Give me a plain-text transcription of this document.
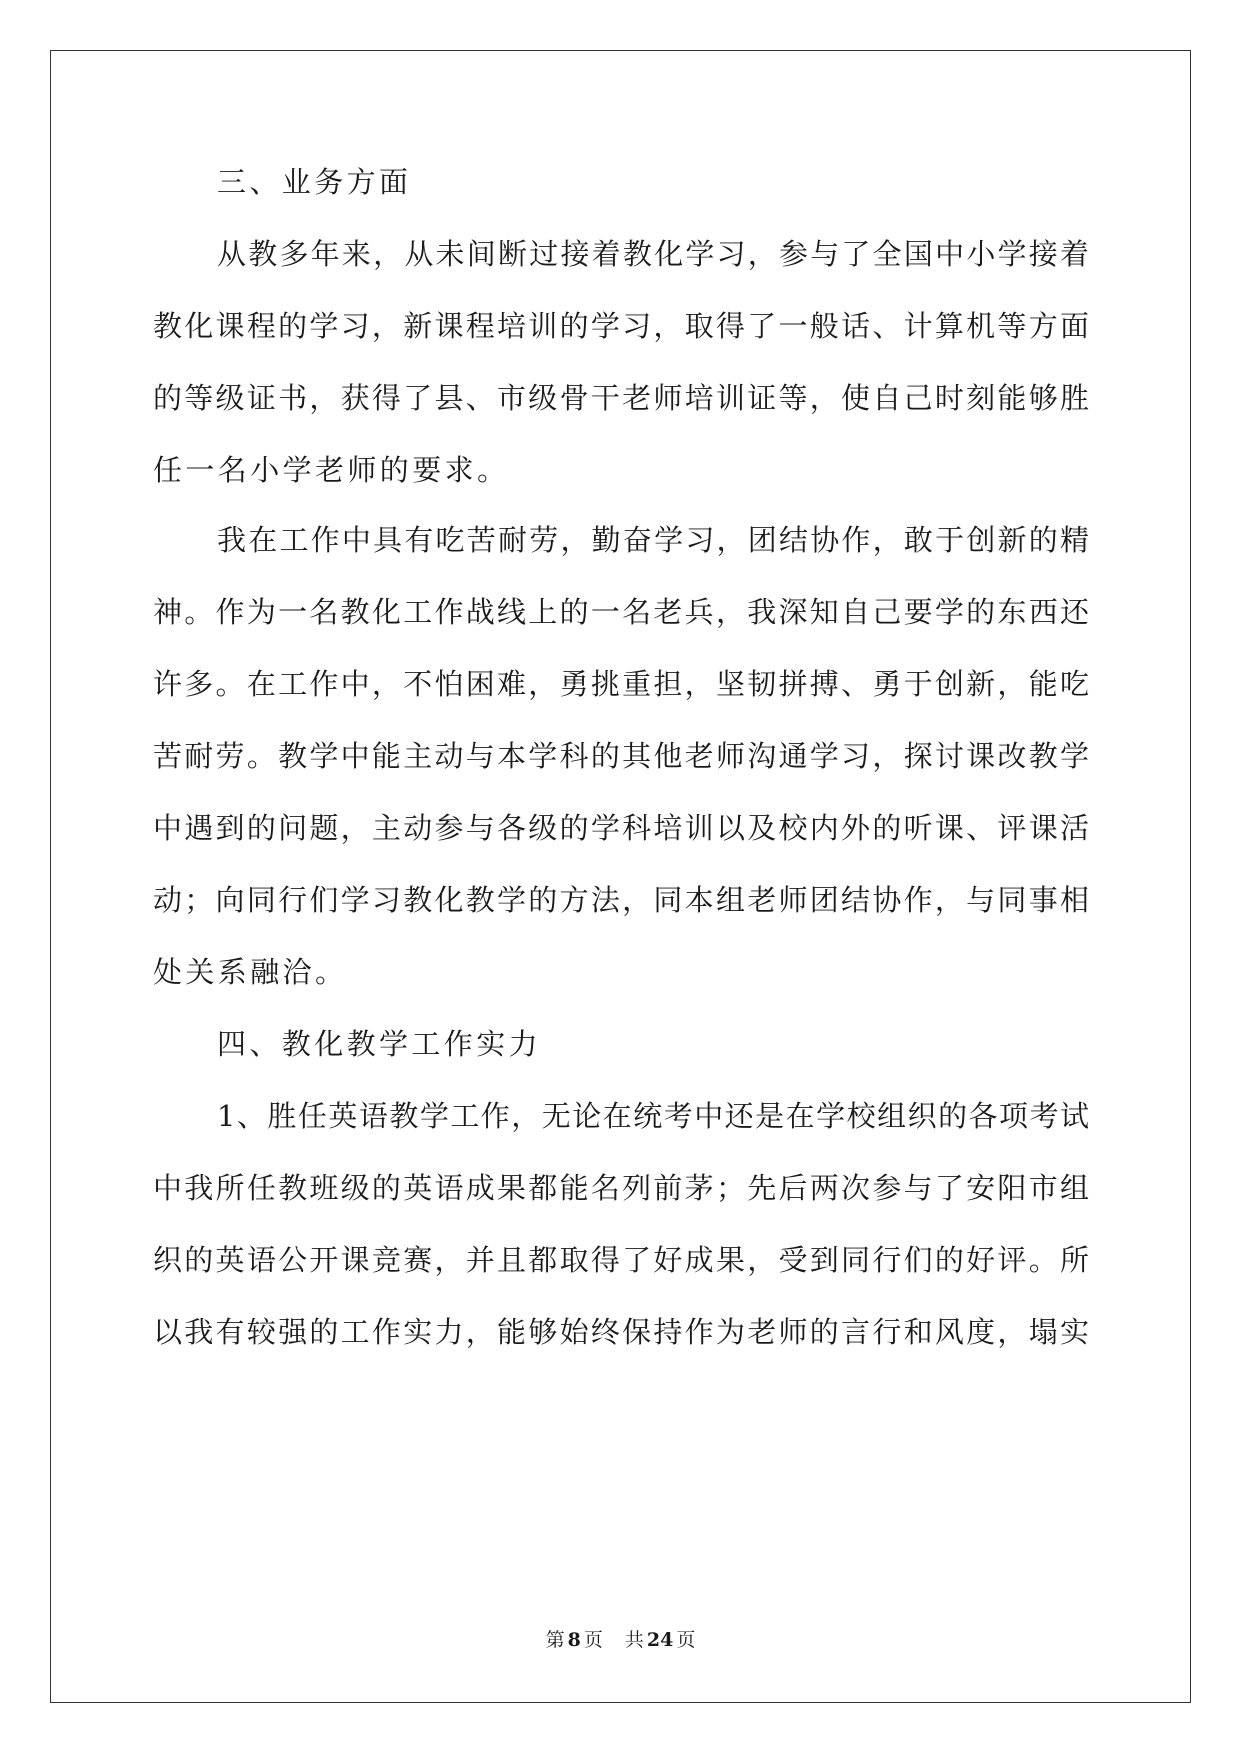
三、业务方面
从教多年来，从未间断过接着教化学习，参与了全国中小学接着
教化课程的学习，新课程培训的学习，取得了一般话、计算机等方面
的等级证书，获得了县、市级骨干老师培训证等，使自己时刻能够胜
任一名小学老师的要求。
我在工作中具有吃苦耐劳，勤奋学习，团结协作，敢于创新的精
神。作为一名教化工作战线上的一名老兵，我深知自己要学的东西还
许多。在工作中，不怕困难，勇挑重担，坚韧拼搏、勇于创新，能吃
苦耐劳。教学中能主动与本学科的其他老师沟通学习，探讨课改教学
中遇到的问题，主动参与各级的学科培训以及校内外的听课、评课活
动；向同行们学习教化教学的方法，同本组老师团结协作，与同事相
处关系融洽。
四、教化教学工作实力
1、胜任英语教学工作，无论在统考中还是在学校组织的各项考试
中我所任教班级的英语成果都能名列前茅；先后两次参与了安阳市组
织的英语公开课竞赛，并且都取得了好成果，受到同行们的好评。所
以我有较强的工作实力，能够始终保持作为老师的言行和风度，塌实
第 8 页 共 24 页
